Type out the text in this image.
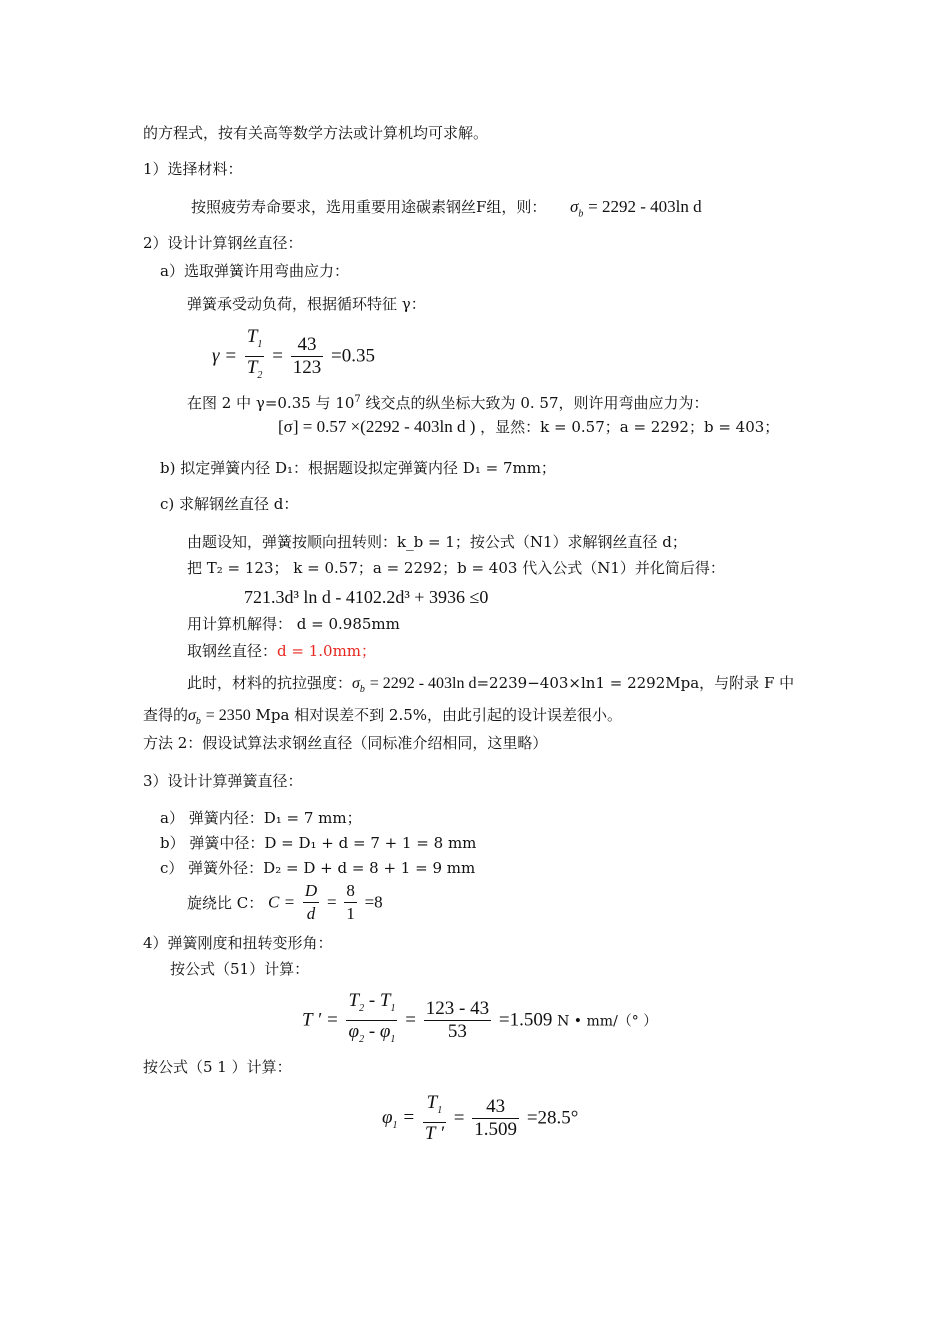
的方程式，按有关高等数学方法或计算机均可求解。
1）选择材料：
按照疲劳寿命要求，选用重要用途碳素钢丝F组，则： $\sigma_b = 2292 - 403\ln$ d
2）设计计算钢丝直径：
a）选取弹簧许用弯曲应力：
弹簧承受动负荷，根据循环特征 γ：
$\gamma = \frac{T_1}{T_2} = \frac{43}{123} =0.35$
在图 2 中 γ=0.35 与 $10^7$ 线交点的纵坐标大致为 0. 57，则许用弯曲应力为：
[σ] = 0.57 ×(2292 - 403ln d ) ，显然：k = 0.57；a = 2292；b = 403；
b) 拟定弹簧内径 D₁：根据题设拟定弹簧内径 D₁ = 7mm；
c) 求解钢丝直径 d：
由题设知，弹簧按顺向扭转则：k_b = 1；按公式（N1）求解钢丝直径 d；
把 T₂ = 123； k = 0.57；a = 2292；b = 403 代入公式（N1）并化简后得：
721.3d³ ln d - 4102.2d³ + 3936 ≤0
用计算机解得： d = 0.985mm
取钢丝直径：d = 1.0mm；
此时，材料的抗拉强度：$\sigma_b = 2292 - 403\ln$ d=2239−403×ln1 = 2292Mpa，与附录 F 中
查得的$\sigma_b = 2350$ Mpa 相对误差不到 2.5%，由此引起的设计误差很小。
方法 2：假设试算法求钢丝直径（同标准介绍相同，这里略）
3）设计计算弹簧直径：
a） 弹簧内径：D₁ = 7 mm；
b） 弹簧中径：D = D₁ + d = 7 + 1 = 8 mm
c） 弹簧外径：D₂ = D + d = 8 + 1 = 9 mm
旋绕比 C： $C = \frac{D}{d} = \frac{8}{1} =8$
4）弹簧刚度和扭转变形角：
按公式（51）计算：
T ′ = $\frac{T_2 - T_1}{\varphi_2 - \varphi_1} = \frac{123 - 43}{53} =1.509$ N • mm/（° ）
按公式（5 1 ）计算：
$\varphi_1 = \frac{T_1}{T '} = \frac{43}{1.509} =28.5^\circ$
